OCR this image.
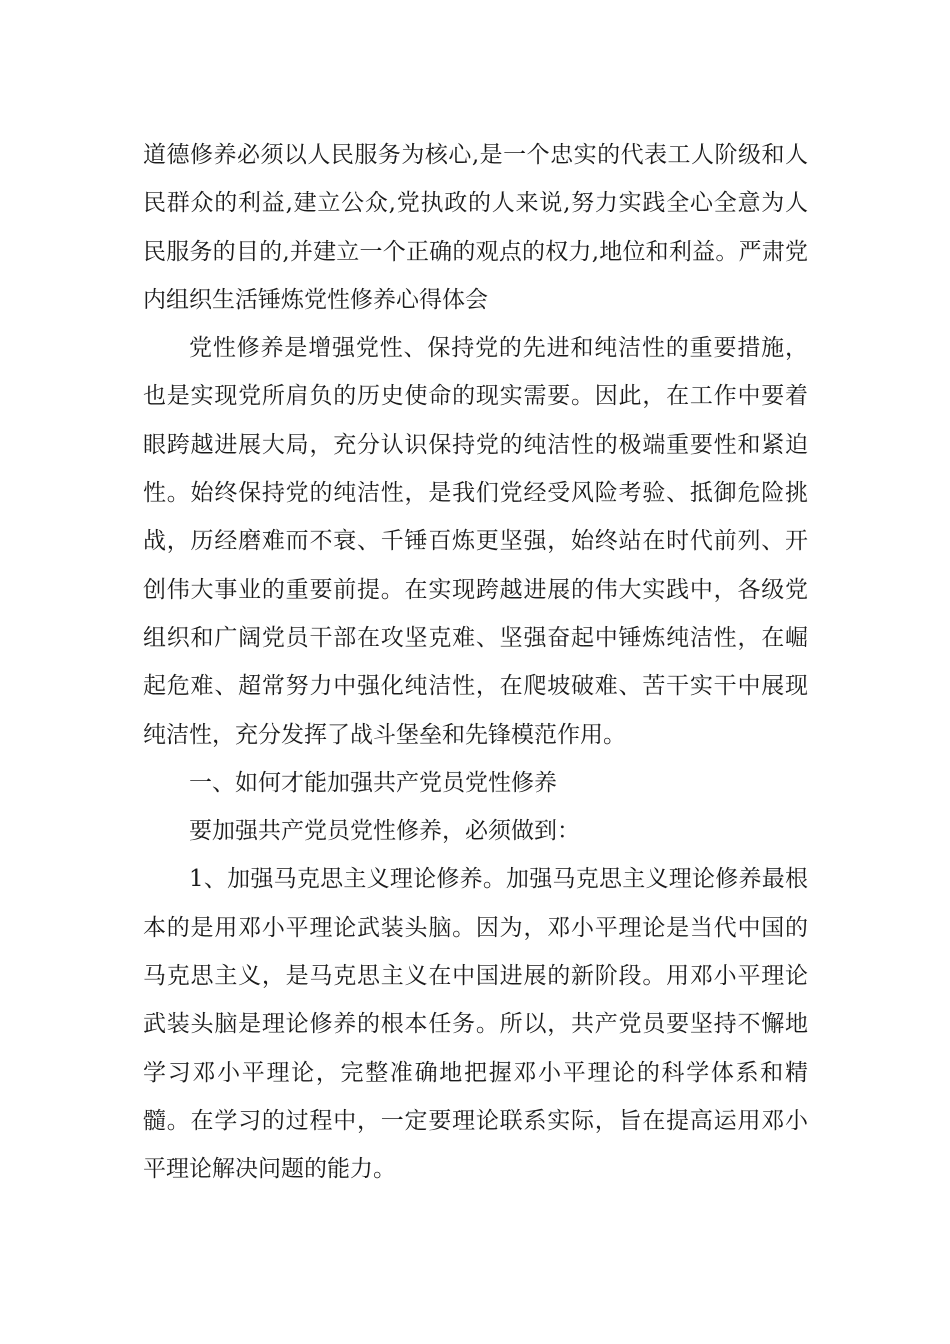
道德修养必须以人民服务为核心,是一个忠实的代表工人阶级和人民群众的利益,建立公众,党执政的人来说,努力实践全心全意为人民服务的目的,并建立一个正确的观点的权力,地位和利益。严肃党内组织生活锤炼党性修养心得体会

党性修养是增强党性、保持党的先进和纯洁性的重要措施，也是实现党所肩负的历史使命的现实需要。因此，在工作中要着眼跨越进展大局，充分认识保持党的纯洁性的极端重要性和紧迫性。始终保持党的纯洁性，是我们党经受风险考验、抵御危险挑战，历经磨难而不衰、千锤百炼更坚强，始终站在时代前列、开创伟大事业的重要前提。在实现跨越进展的伟大实践中，各级党组织和广阔党员干部在攻坚克难、坚强奋起中锤炼纯洁性，在崛起危难、超常努力中强化纯洁性，在爬坡破难、苦干实干中展现纯洁性，充分发挥了战斗堡垒和先锋模范作用。

一、如何才能加强共产党员党性修养

要加强共产党员党性修养，必须做到：

1、加强马克思主义理论修养。加强马克思主义理论修养最根本的是用邓小平理论武装头脑。因为，邓小平理论是当代中国的马克思主义，是马克思主义在中国进展的新阶段。用邓小平理论武装头脑是理论修养的根本任务。所以，共产党员要坚持不懈地学习邓小平理论，完整准确地把握邓小平理论的科学体系和精髓。在学习的过程中，一定要理论联系实际，旨在提高运用邓小平理论解决问题的能力。
